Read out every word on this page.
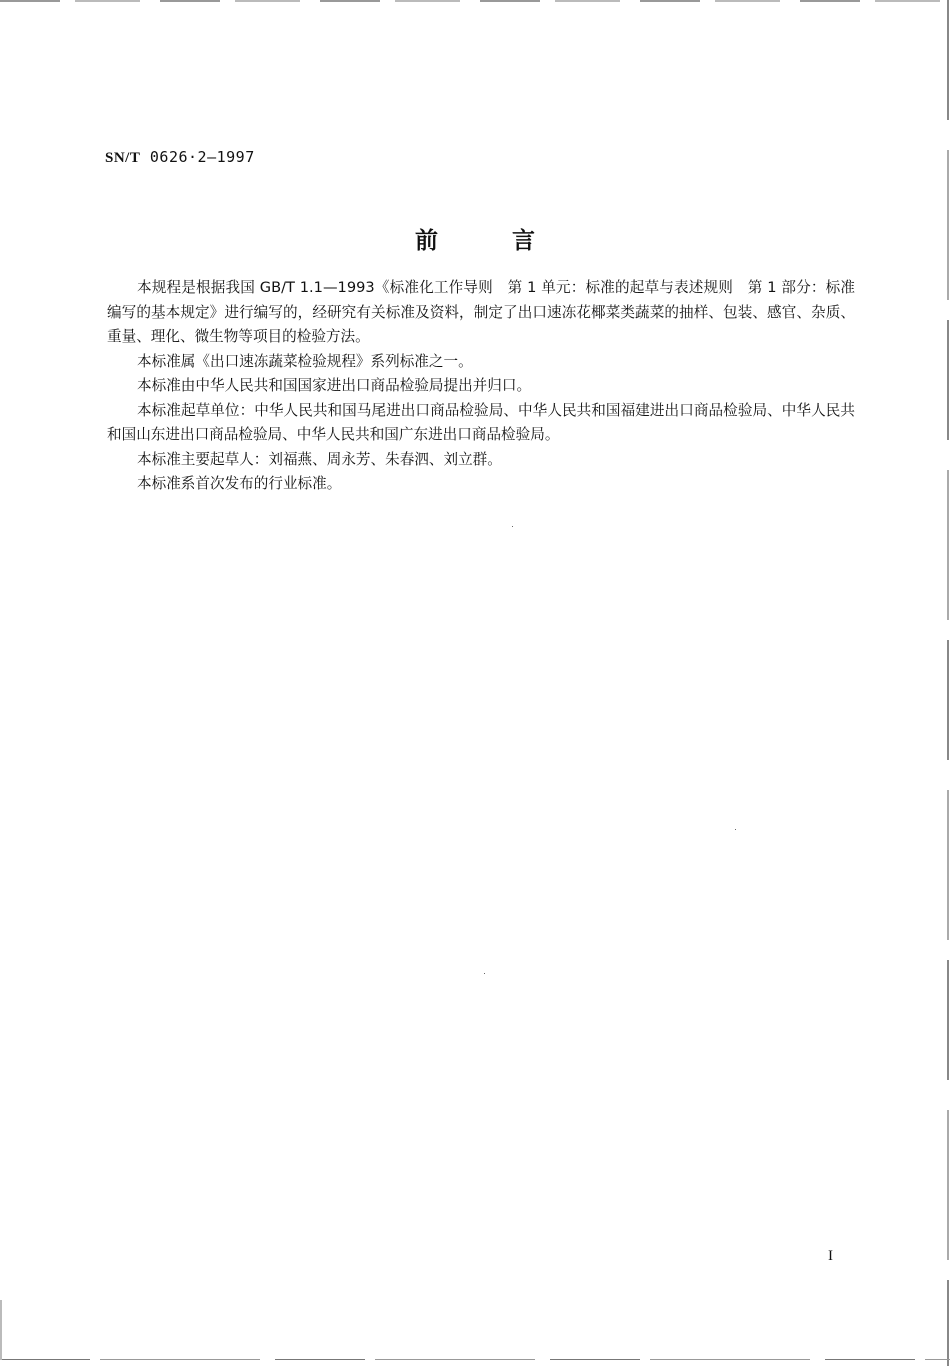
SN/T 0626·2—1997
前言

本规程是根据我国 GB/T 1.1—1993《标准化工作导则　第 1 单元：标准的起草与表述规则　第 1 部分：标准编写的基本规定》进行编写的，经研究有关标准及资料，制定了出口速冻花椰菜类蔬菜的抽样、包装、感官、杂质、重量、理化、微生物等项目的检验方法。

本标准属《出口速冻蔬菜检验规程》系列标准之一。

本标准由中华人民共和国国家进出口商品检验局提出并归口。

本标准起草单位：中华人民共和国马尾进出口商品检验局、中华人民共和国福建进出口商品检验局、中华人民共和国山东进出口商品检验局、中华人民共和国广东进出口商品检验局。

本标准主要起草人：刘福燕、周永芳、朱春泗、刘立群。

本标准系首次发布的行业标准。

I
